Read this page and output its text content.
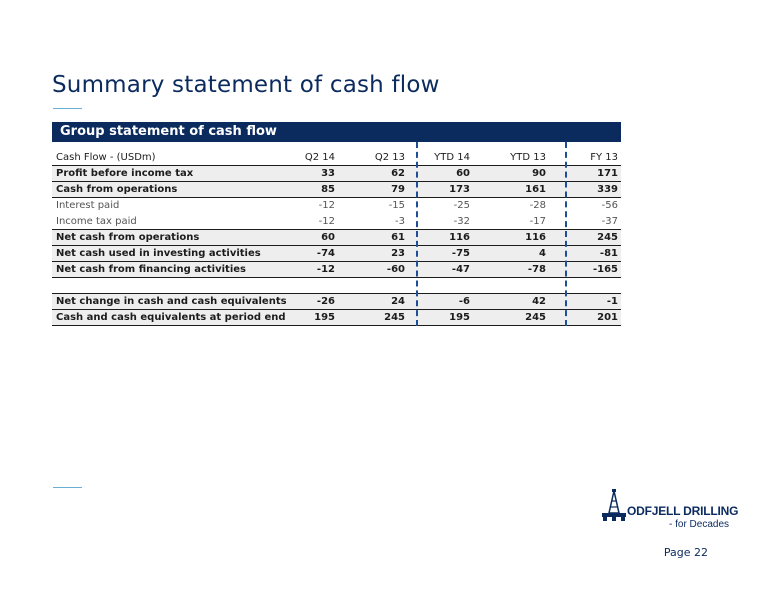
Summary statement of cash flow
Group statement of cash flow
Cash Flow - (USDm)	Q2 14	Q2 13	YTD 14	YTD 13	FY 13
Profit before income tax	33	62	60	90	171
Cash from operations	85	79	173	161	339
Interest paid	-12	-15	-25	-28	-56
Income tax paid	-12	-3	-32	-17	-37
Net cash from operations	60	61	116	116	245
Net cash used in investing activities	-74	23	-75	4	-81
Net cash from financing activities	-12	-60	-47	-78	-165
Net change in cash and cash equivalents	-26	24	-6	42	-1
Cash and cash equivalents at period end	195	245	195	245	201
ODFJELL DRILLING
- for Decades
Page 22
